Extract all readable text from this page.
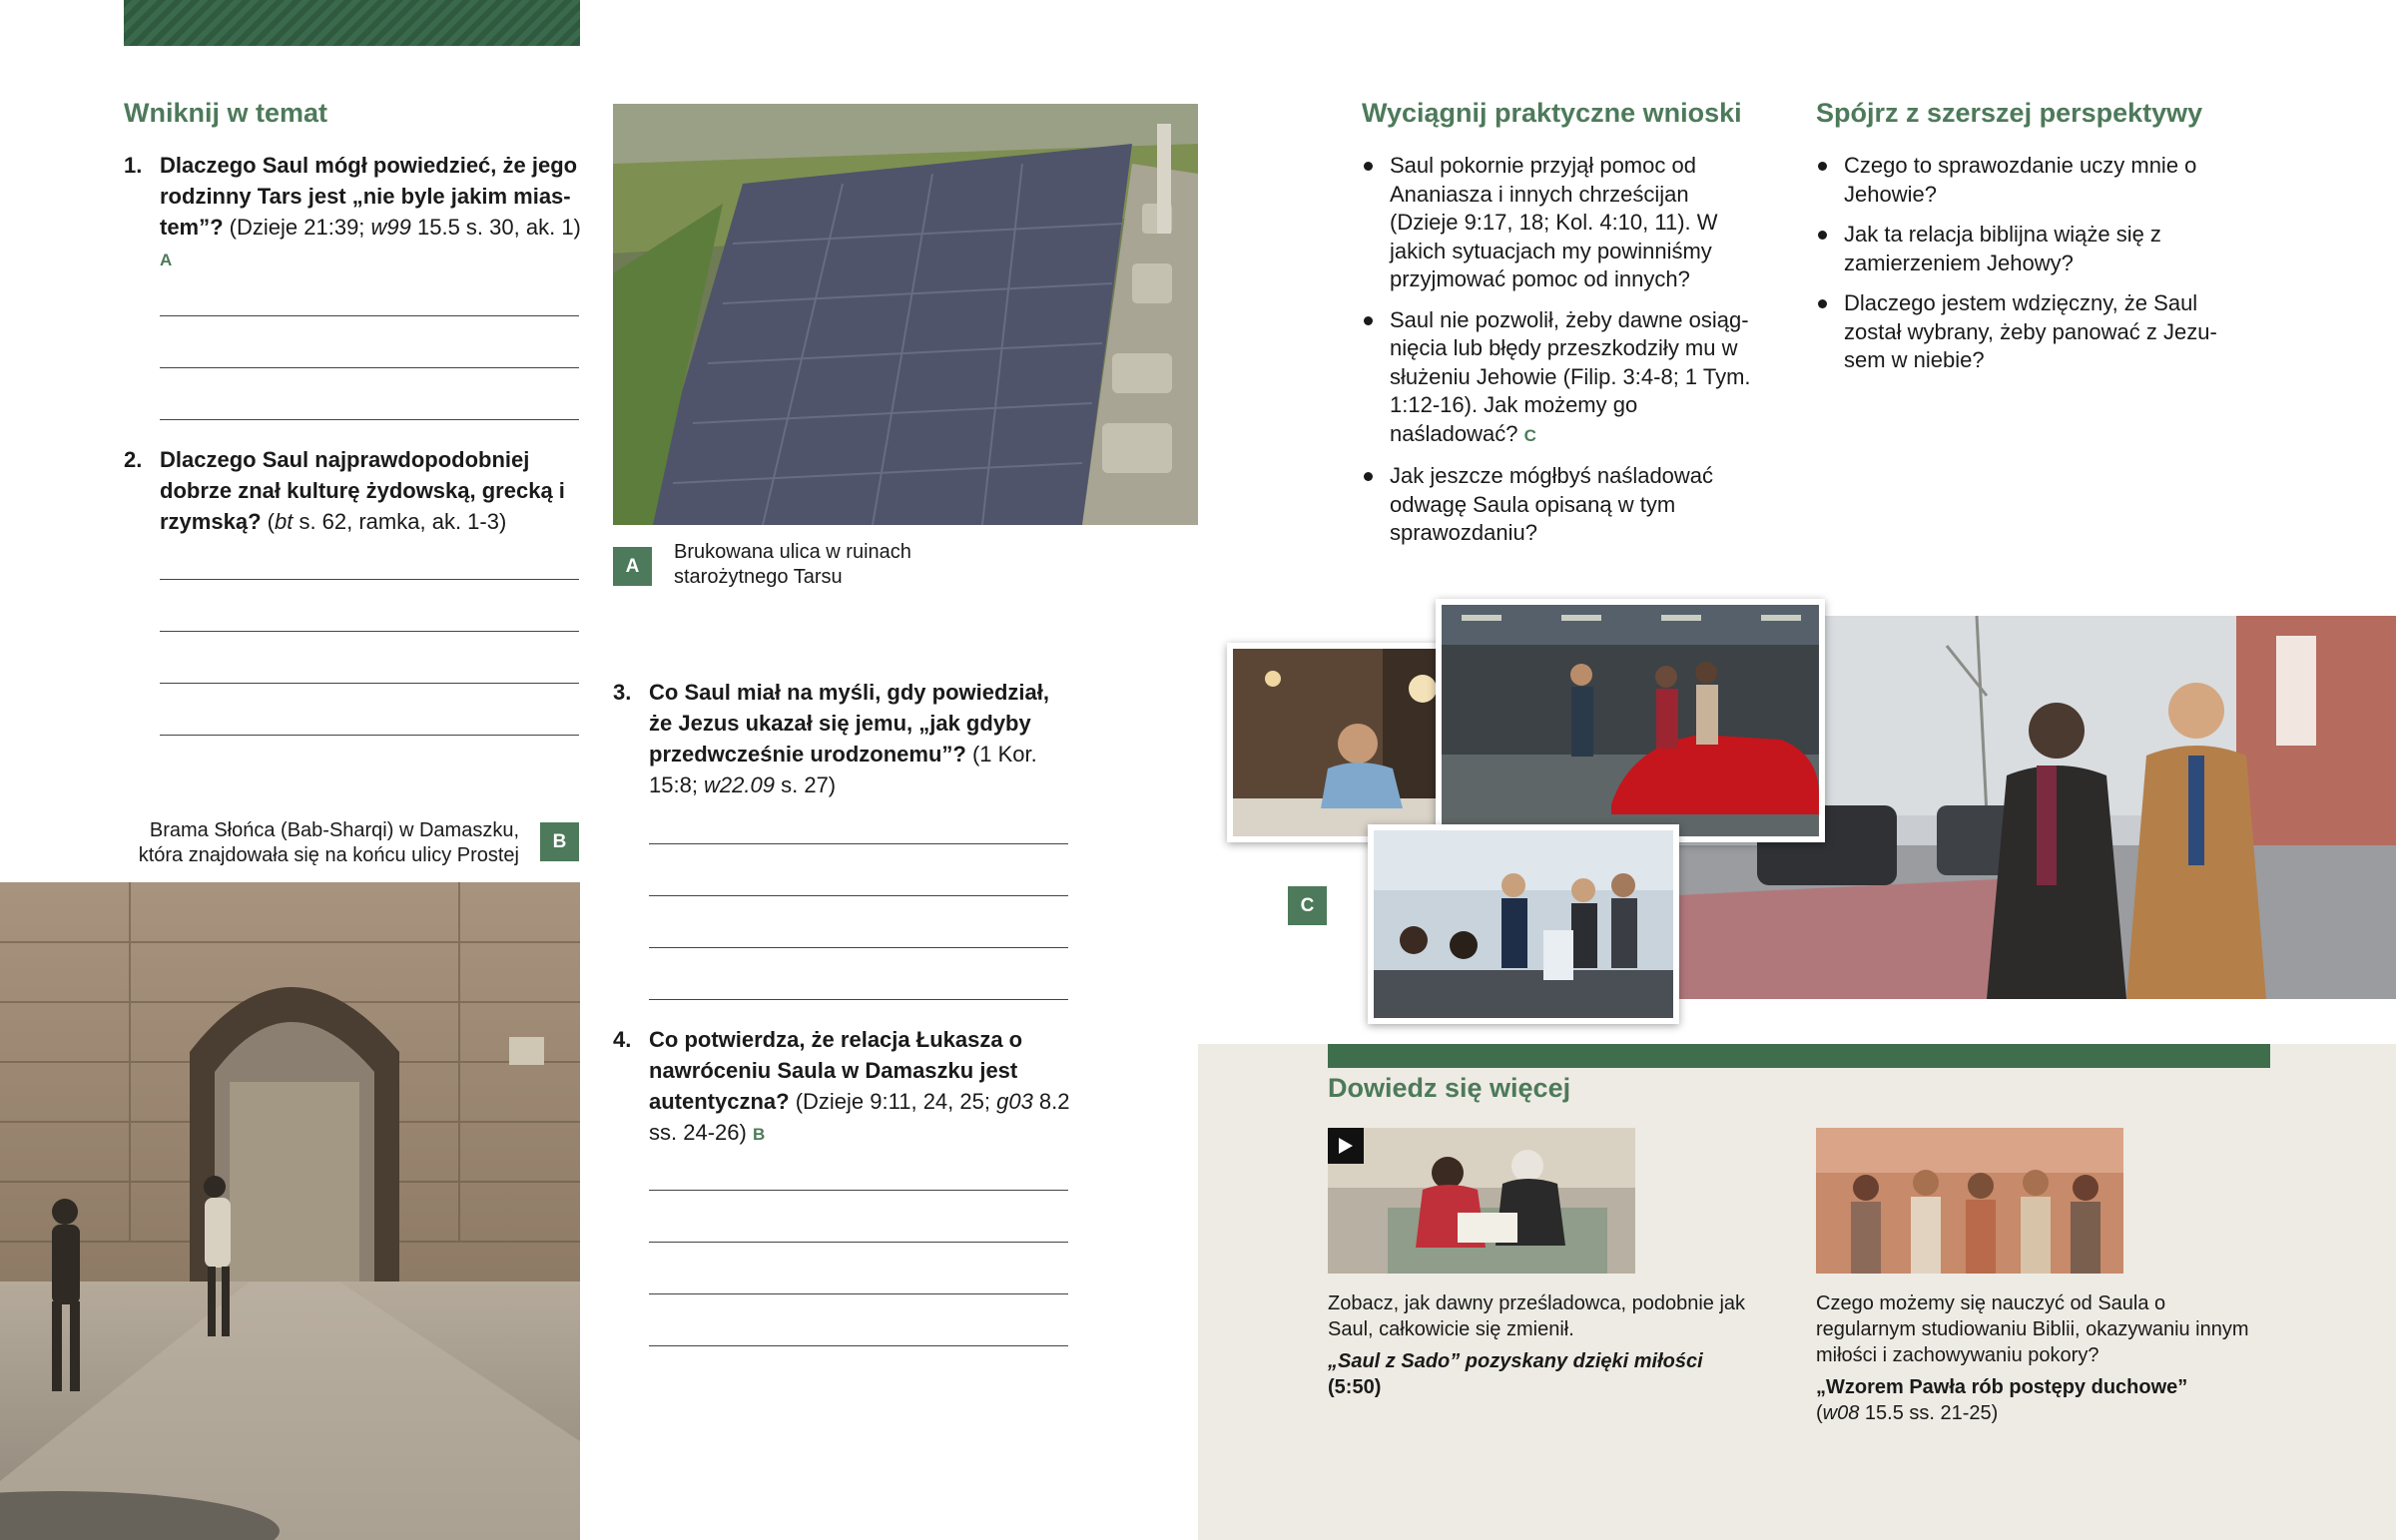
Wniknij w temat
1. Dlaczego Saul mógł powiedzieć, że jego rodzinny Tars jest „nie byle jakim miastem”? (Dzieje 21:39; w99 15.5 s. 30, ak. 1) A
2. Dlaczego Saul najprawdopodobniej dobrze znał kulturę żydowską, grecką i rzymską? (bt s. 62, ramka, ak. 1-3)
Brama Słońca (Bab-Sharqi) w Damaszku, która znajdowała się na końcu ulicy Prostej
B
A
Brukowana ulica w ruinach starożytnego Tarsu
3. Co Saul miał na myśli, gdy powiedział, że Jezus ukazał się jemu, „jak gdyby przedwcześnie urodzonemu”? (1 Kor. 15:8; w22.09 s. 27)
4. Co potwierdza, że relacja Łukasza o nawróceniu Saula w Damaszku jest autentyczna? (Dzieje 9:11, 24, 25; g03 8.2 ss. 24-26) B
Wyciągnij praktyczne wnioski
Saul pokornie przyjął pomoc od Ananiasza i innych chrześcijan (Dzieje 9:17, 18; Kol. 4:10, 11). W jakich sytuacjach my powinniśmy przyjmować pomoc od innych?
Saul nie pozwolił, żeby dawne osiągnięcia lub błędy przeszkodziły mu w służeniu Jehowie (Filip. 3:4-8; 1 Tym. 1:12-16). Jak możemy go naśladować? C
Jak jeszcze mógłbyś naśladować odwagę Saula opisaną w tym sprawozdaniu?
Spójrz z szerszej perspektywy
Czego to sprawozdanie uczy mnie o Jehowie?
Jak ta relacja biblijna wiąże się z zamierzeniem Jehowy?
Dlaczego jestem wdzięczny, że Saul został wybrany, żeby panować z Jezusem w niebie?
C
Dowiedz się więcej
Zobacz, jak dawny prześladowca, podobnie jak Saul, całkowicie się zmienił.
„Saul z Sado” pozyskany dzięki miłości
(5:50)
Czego możemy się nauczyć od Saula o regularnym studiowaniu Biblii, okazywaniu innym miłości i zachowywaniu pokory?
„Wzorem Pawła rób postępy duchowe”
(w08 15.5 ss. 21-25)
